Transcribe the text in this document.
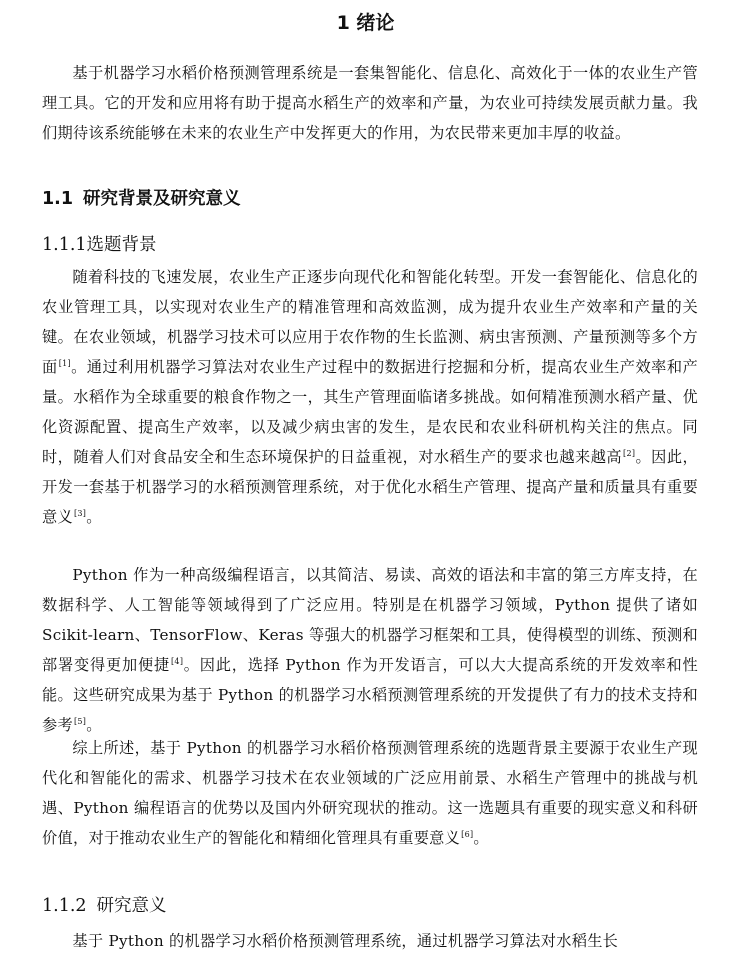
1 绪论

基于机器学习水稻价格预测管理系统是一套集智能化、信息化、高效化于一体的农业生产管理工具。它的开发和应用将有助于提高水稻生产的效率和产量，为农业可持续发展贡献力量。我们期待该系统能够在未来的农业生产中发挥更大的作用，为农民带来更加丰厚的收益。

1.1 研究背景及研究意义
1.1.1选题背景

随着科技的飞速发展，农业生产正逐步向现代化和智能化转型。开发一套智能化、信息化的农业管理工具，以实现对农业生产的精准管理和高效监测，成为提升农业生产效率和产量的关键。在农业领域，机器学习技术可以应用于农作物的生长监测、病虫害预测、产量预测等多个方面[1]。通过利用机器学习算法对农业生产过程中的数据进行挖掘和分析，提高农业生产效率和产量。水稻作为全球重要的粮食作物之一，其生产管理面临诸多挑战。如何精准预测水稻产量、优化资源配置、提高生产效率，以及减少病虫害的发生，是农民和农业科研机构关注的焦点。同时，随着人们对食品安全和生态环境保护的日益重视，对水稻生产的要求也越来越高[2]。因此，开发一套基于机器学习的水稻预测管理系统，对于优化水稻生产管理、提高产量和质量具有重要意义[3]。

Python 作为一种高级编程语言，以其简洁、易读、高效的语法和丰富的第三方库支持，在数据科学、人工智能等领域得到了广泛应用。特别是在机器学习领域，Python 提供了诸如 Scikit-learn、TensorFlow、Keras 等强大的机器学习框架和工具，使得模型的训练、预测和部署变得更加便捷[4]。因此，选择 Python 作为开发语言，可以大大提高系统的开发效率和性能。这些研究成果为基于 Python 的机器学习水稻预测管理系统的开发提供了有力的技术支持和参考[5]。

综上所述，基于 Python 的机器学习水稻价格预测管理系统的选题背景主要源于农业生产现代化和智能化的需求、机器学习技术在农业领域的广泛应用前景、水稻生产管理中的挑战与机遇、Python 编程语言的优势以及国内外研究现状的推动。这一选题具有重要的现实意义和科研价值，对于推动农业生产的智能化和精细化管理具有重要意义[6]。

1.1.2 研究意义

基于 Python 的机器学习水稻价格预测管理系统，通过机器学习算法对水稻生长
